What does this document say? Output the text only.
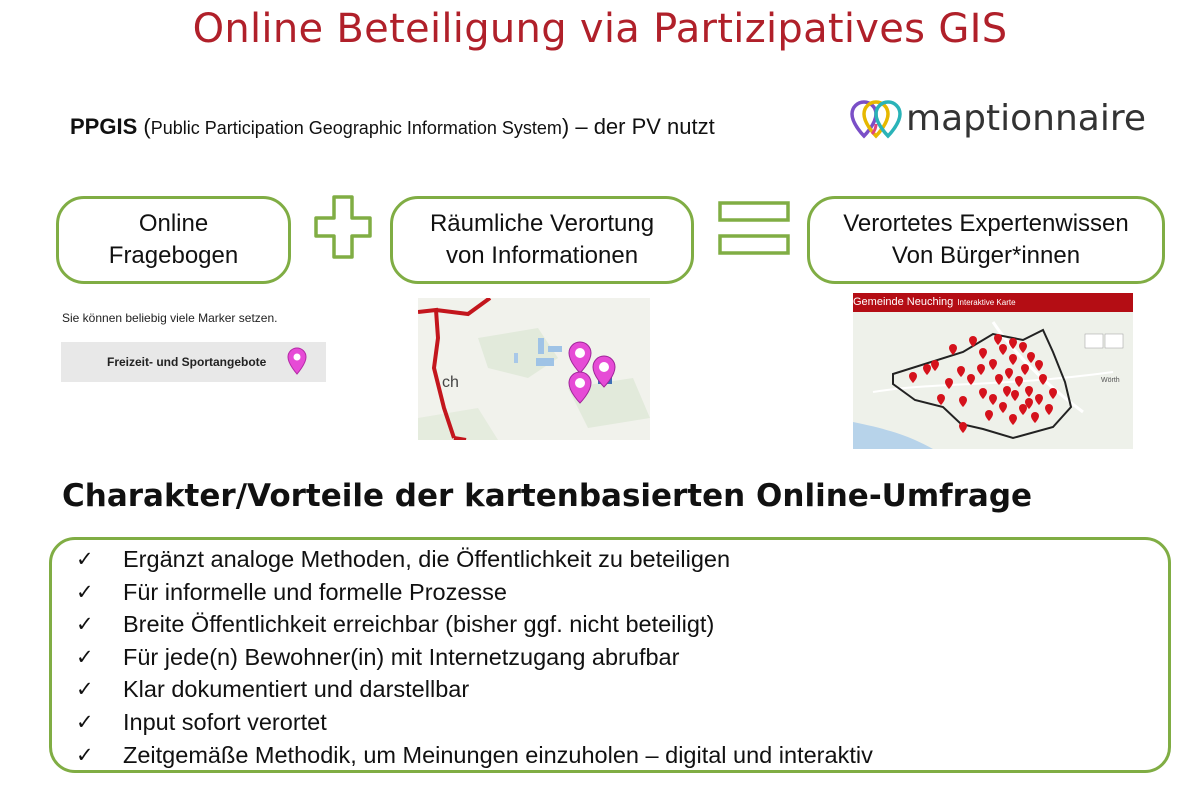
Online Beteiligung via Partizipatives GIS
PPGIS (Public Participation Geographic Information System) – der PV nutzt	maptionnaire
Online
Fragebogen
Räumliche Verortung
von Informationen
Verortetes Expertenwissen
Von Bürger*innen
Sie können beliebig viele Marker setzen.
Freizeit- und Sportangebote
ch
Gemeinde Neuching Interaktive Karte
Wörth
Charakter/Vorteile der kartenbasierten Online-Umfrage
✓	Ergänzt analoge Methoden, die Öffentlichkeit zu beteiligen
✓	Für informelle und formelle Prozesse
✓	Breite Öffentlichkeit erreichbar (bisher ggf. nicht beteiligt)
✓	Für jede(n) Bewohner(in) mit Internetzugang abrufbar
✓	Klar dokumentiert und darstellbar
✓	Input sofort verortet
✓	Zeitgemäße Methodik, um Meinungen einzuholen – digital und interaktiv
